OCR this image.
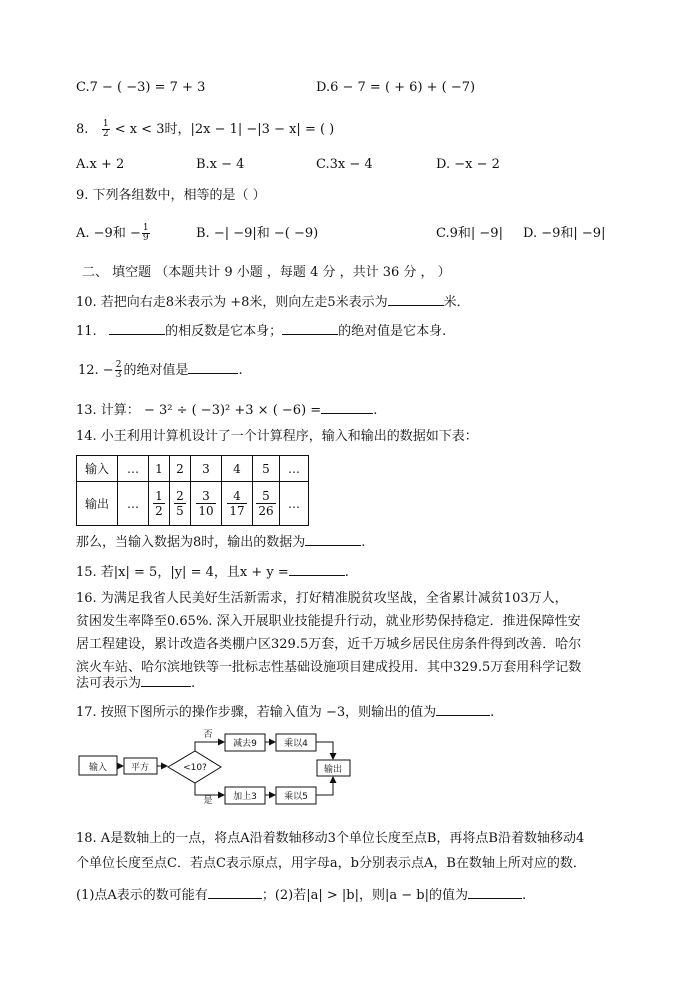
C.7 − ( −3) = 7 + 3	D.6 − 7 = ( + 6) + ( −7)
8. $\frac{1}{2} < x < 3$时，|2x − 1| −|3 − x| = ( )
A.x + 2	B.x − 4	C.3x − 4	D. −x − 2
9. 下列各组数中，相等的是（ ）
A. −9和 − $\frac{1}{9}$	B. −| −9|和 −( −9)	C.9和| −9| D. −9和| −9|
二、 填空题 （本题共计 9 小题 ，每题 4 分 ，共计 36 分 ， ）
10. 若把向右走8米表示为 +8米，则向左走5米表示为	米．
11.	的相反数是它本身；	的绝对值是它本身.
12. − $\frac{2}{3}$ 的绝对值是	.
13. 计算： − 3² ÷ ( −3)² +3 × ( −6) =	.
14. 小王利用计算机设计了一个计算程序，输入和输出的数据如下表：
输入	…	1	2	3	4	5	…
输出	…	$\frac{1}{2}$	$\frac{2}{5}$	$\frac{3}{10}$	$\frac{4}{17}$	$\frac{5}{26}$	…
那么，当输入数据为8时，输出的数据为	.
15. 若|x| = 5，|y| = 4，且x + y =	.
16. 为满足我省人民美好生活新需求，打好精准脱贫攻坚战，全省累计减贫103万人，
贫困发生率降至0.65%. 深入开展职业技能提升行动，就业形势保持稳定．推进保障性安
居工程建设，累计改造各类棚户区329.5万套，近千万城乡居民住房条件得到改善．哈尔
滨火车站、哈尔滨地铁等一批标志性基础设施项目建成投用．其中329.5万套用科学记数
法可表示为	.
17. 按照下图所示的操作步骤，若输入值为 −3，则输出的值为	.
输入	平方	<10?
否
是
减去9	乘以4
加上3	乘以5
输出
18. A是数轴上的一点，将点A沿着数轴移动3个单位长度至点B，再将点B沿着数轴移动4
个单位长度至点C．若点C表示原点，用字母a，b分别表示点A，B在数轴上所对应的数．
(1)点A表示的数可能有	；(2)若|a| > |b|，则|a − b|的值为	.
